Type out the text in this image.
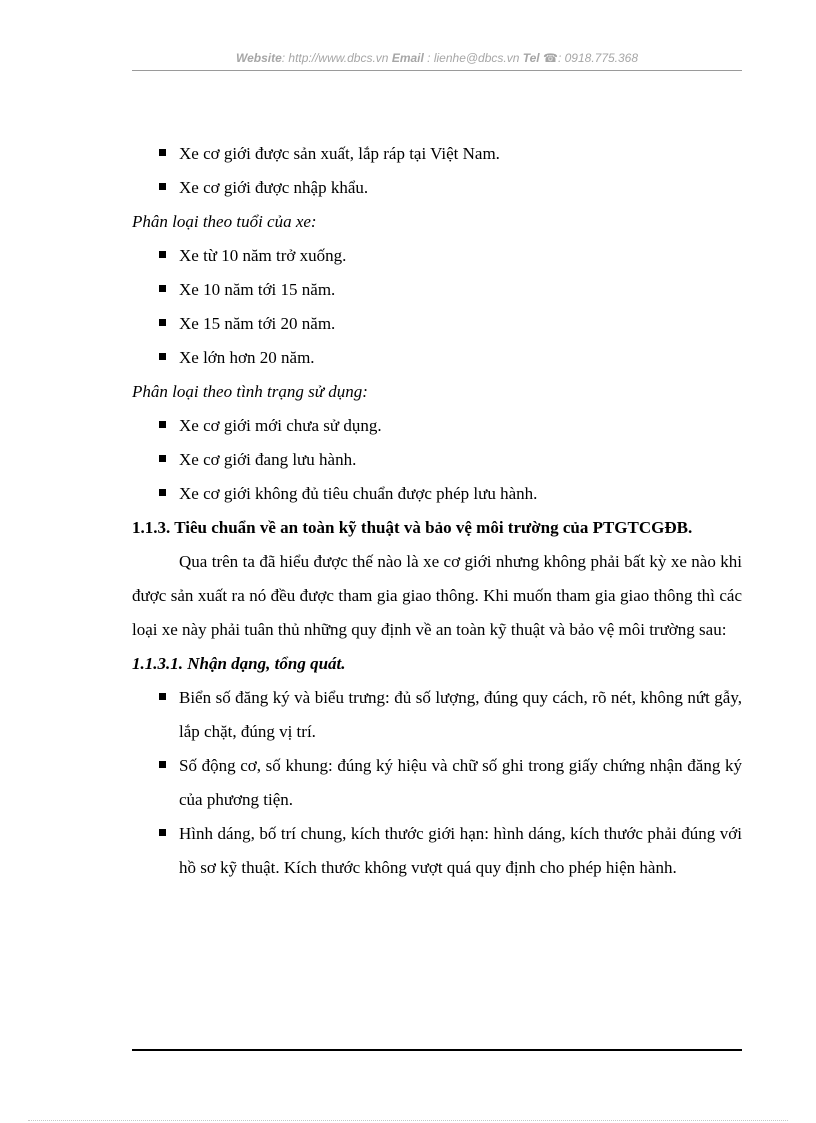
Website: http://www.dbcs.vn Email : lienhe@dbcs.vn Tel ☎: 0918.775.368
Xe cơ giới được sản xuất, lắp ráp tại Việt Nam.
Xe cơ giới được nhập khẩu.
Phân loại theo tuổi của xe:
Xe từ 10 năm trở xuống.
Xe 10 năm tới 15 năm.
Xe 15 năm tới 20 năm.
Xe lớn hơn 20 năm.
Phân loại theo tình trạng sử dụng:
Xe cơ giới mới chưa sử dụng.
Xe cơ giới đang lưu hành.
Xe cơ giới không đủ tiêu chuẩn được phép lưu hành.
1.1.3. Tiêu chuẩn về an toàn kỹ thuật và bảo vệ môi trường của PTGTCGĐB.
Qua trên ta đã hiểu được thế nào là xe cơ giới nhưng không phải bất kỳ xe nào khi được sản xuất ra nó đều được tham gia giao thông. Khi muốn tham gia giao thông thì các loại xe này phải tuân thủ những quy định về an toàn kỹ thuật và bảo vệ môi trường sau:
1.1.3.1. Nhận dạng, tổng quát.
Biển số đăng ký và biểu trưng: đủ số lượng, đúng quy cách, rõ nét, không nứt gẫy, lắp chặt, đúng vị trí.
Số động cơ, số khung: đúng ký hiệu và chữ số ghi trong giấy chứng nhận đăng ký của phương tiện.
Hình dáng, bố trí chung, kích thước giới hạn: hình dáng, kích thước phải đúng với hồ sơ kỹ thuật. Kích thước không vượt quá quy định cho phép hiện hành.
